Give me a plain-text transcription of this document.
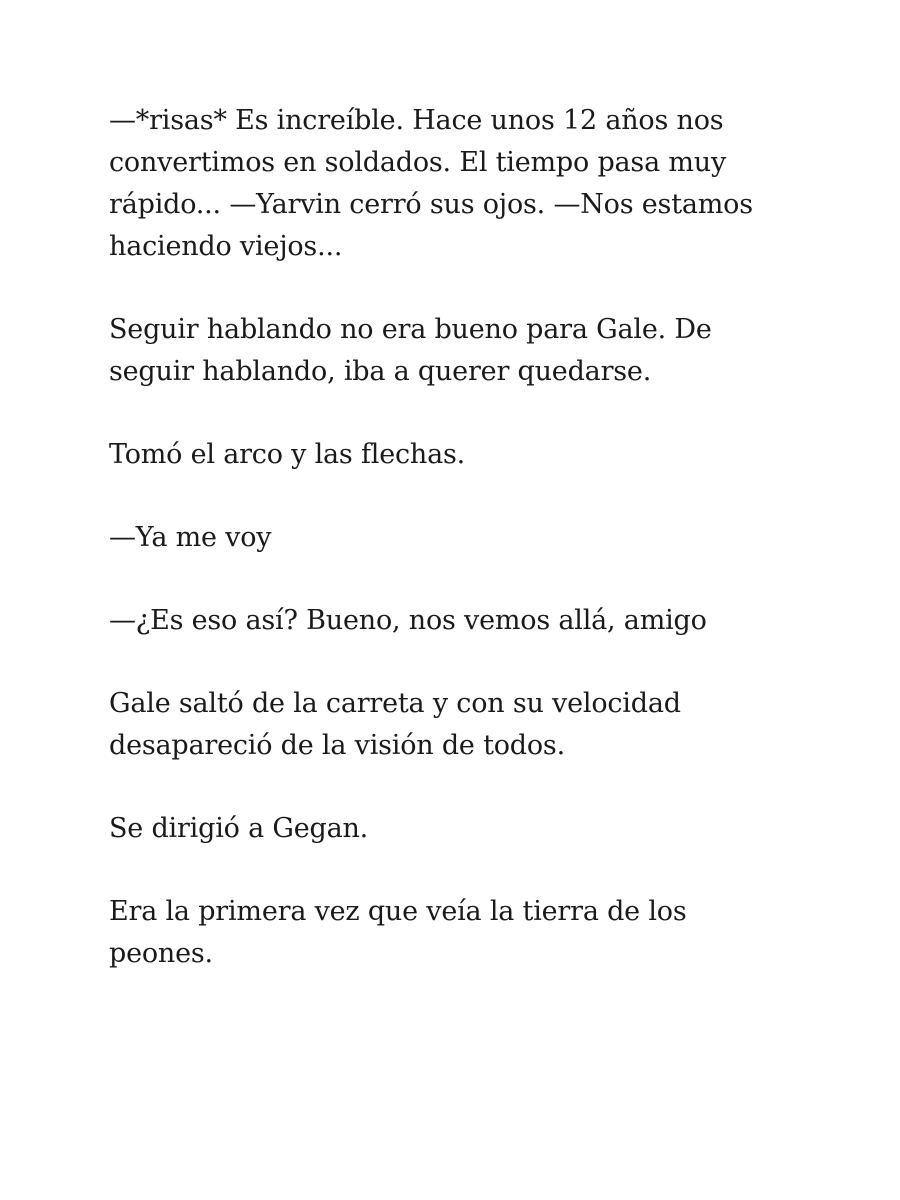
—*risas* Es increíble. Hace unos 12 años nos convertimos en soldados. El tiempo pasa muy rápido... —Yarvin cerró sus ojos. —Nos estamos haciendo viejos...

Seguir hablando no era bueno para Gale. De seguir hablando, iba a querer quedarse.

Tomó el arco y las flechas.

—Ya me voy

—¿Es eso así? Bueno, nos vemos allá, amigo

Gale saltó de la carreta y con su velocidad desapareció de la visión de todos.

Se dirigió a Gegan.

Era la primera vez que veía la tierra de los peones.
